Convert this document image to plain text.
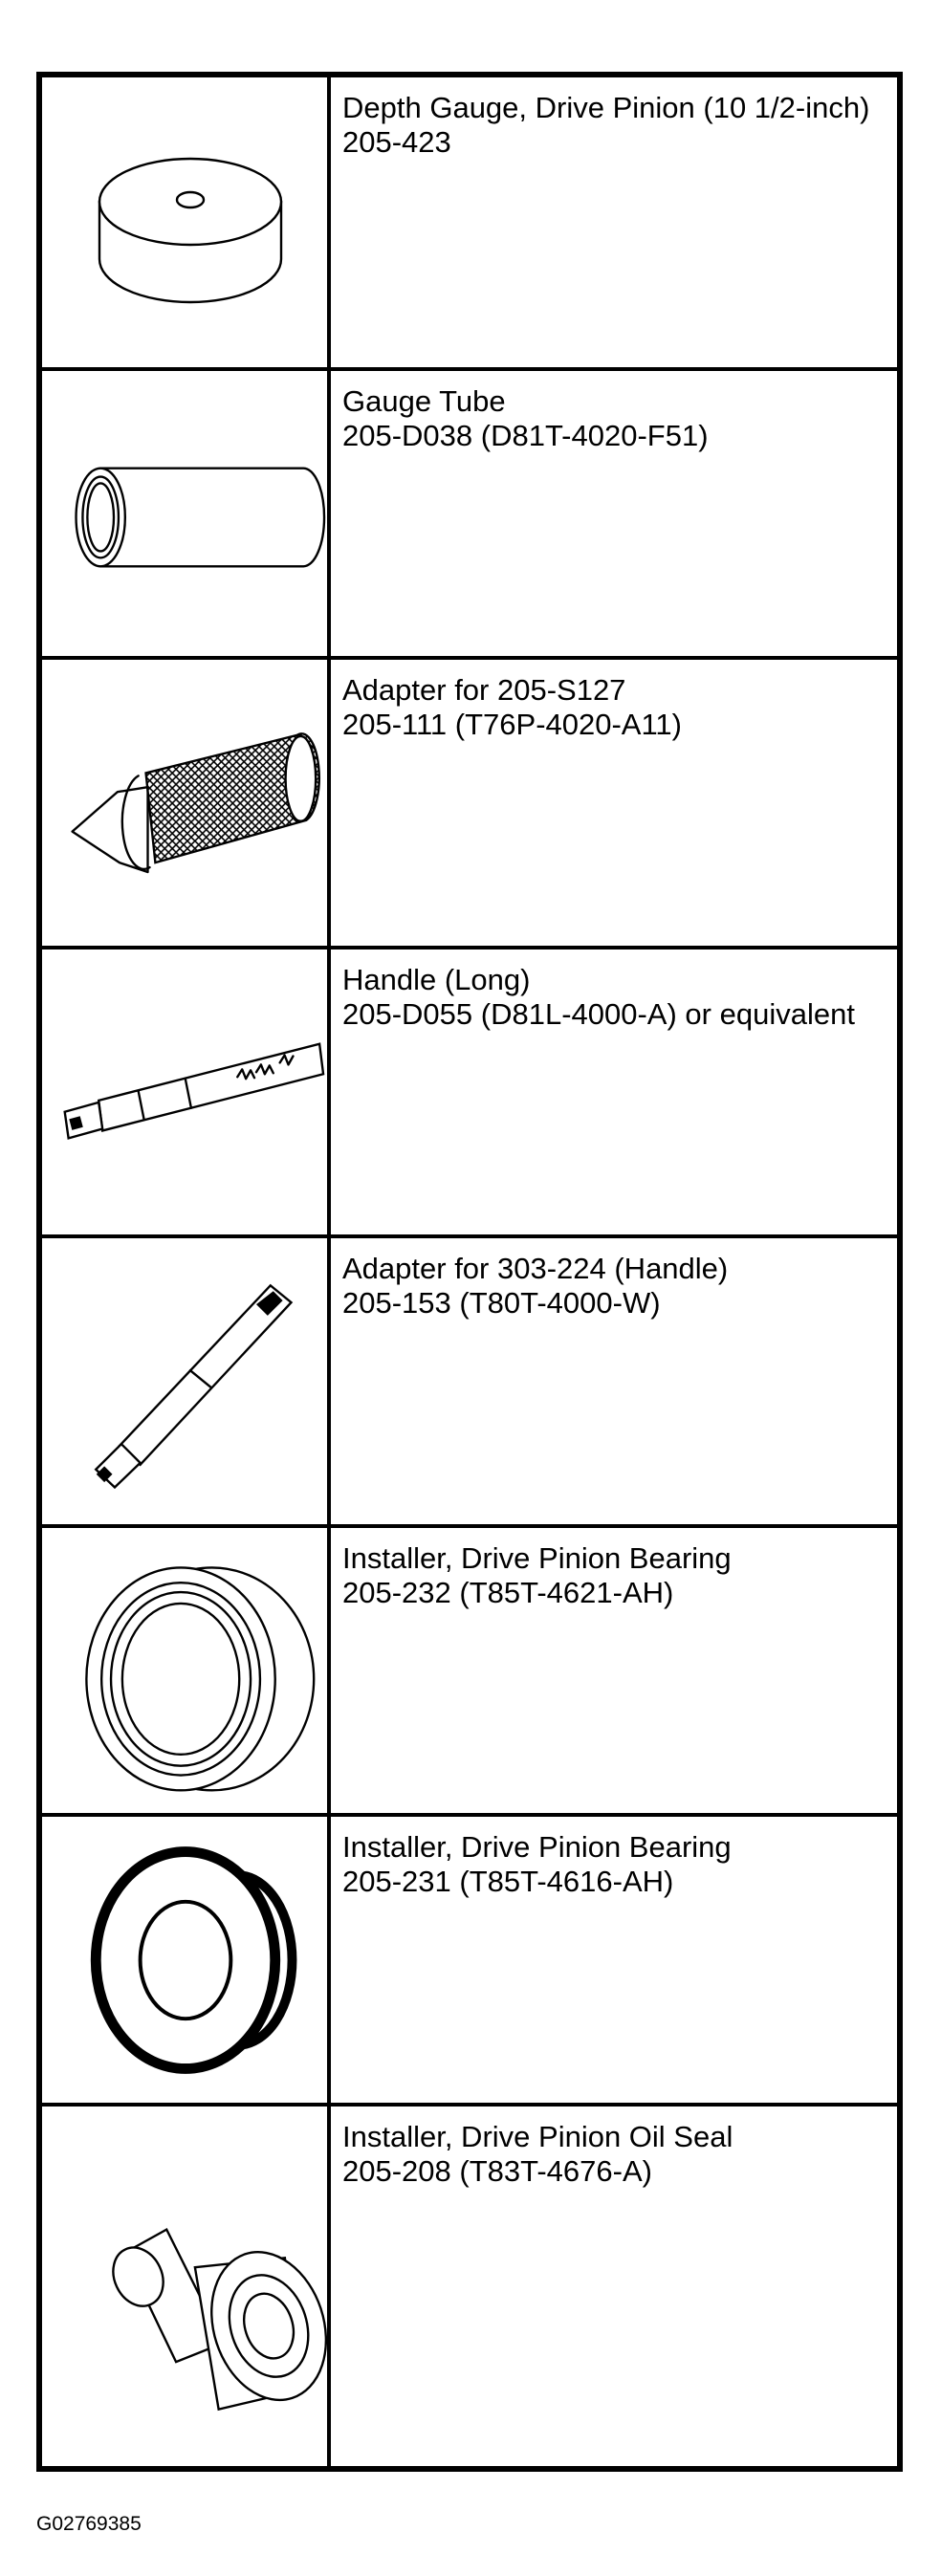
Depth Gauge, Drive Pinion (10 1/2-inch)
205-423
Gauge Tube
205-D038 (D81T-4020-F51)
Adapter for 205-S127
205-111 (T76P-4020-A11)
Handle (Long)
205-D055 (D81L-4000-A) or equivalent
Adapter for 303-224 (Handle)
205-153 (T80T-4000-W)
Installer, Drive Pinion Bearing
205-232 (T85T-4621-AH)
Installer, Drive Pinion Bearing
205-231 (T85T-4616-AH)
Installer, Drive Pinion Oil Seal
205-208 (T83T-4676-A)
G02769385
